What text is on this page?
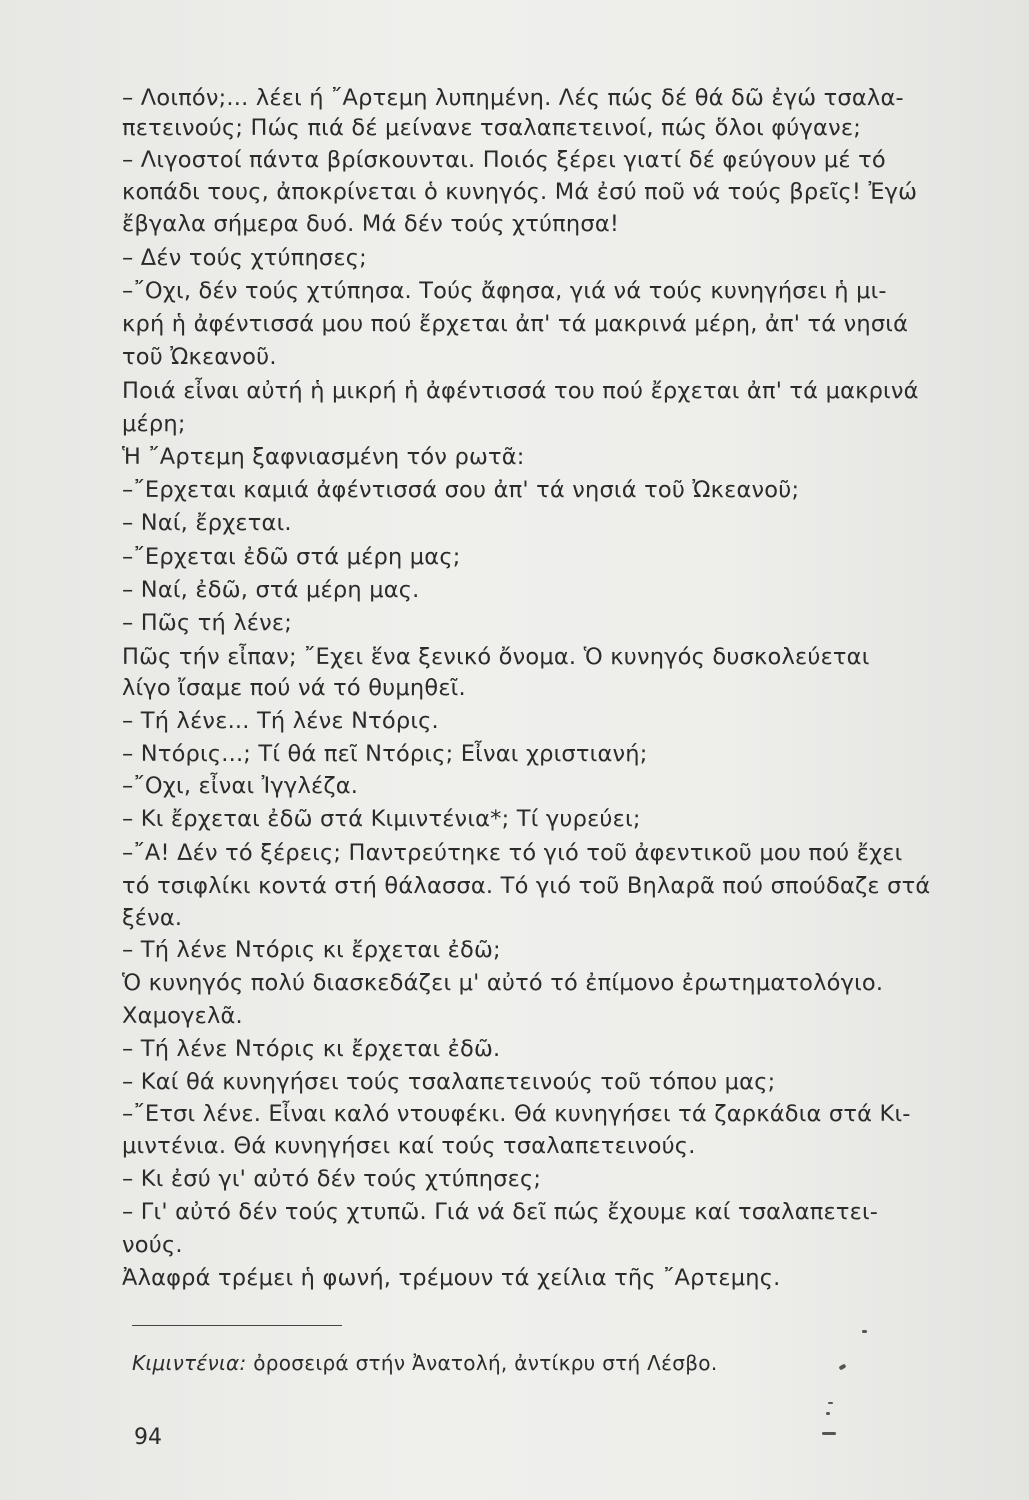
– Λοιπόν;... λέει ή ῎Αρτεμη λυπημένη. Λές πώς δέ θά δῶ ἐγώ τσαλα-
πετεινούς; Πώς πιά δέ μείνανε τσαλαπετεινοί, πώς ὅλοι φύγανε;
– Λιγοστοί πάντα βρίσκουνται. Ποιός ξέρει γιατί δέ φεύγουν μέ τό
κοπάδι τους, ἀποκρίνεται ὁ κυνηγός. Μά ἐσύ ποῦ νά τούς βρεῖς! Ἐγώ
ἔβγαλα σήμερα δυό. Μά δέν τούς χτύπησα!
– Δέν τούς χτύπησες;
–῎Οχι, δέν τούς χτύπησα. Τούς ἄφησα, γιά νά τούς κυνηγήσει ἡ μι-
κρή ἡ ἀφέντισσά μου πού ἔρχεται ἀπ' τά μακρινά μέρη, ἀπ' τά νησιά
τοῦ Ὠκεανοῦ.
Ποιά εἶναι αὐτή ἡ μικρή ἡ ἀφέντισσά του πού ἔρχεται ἀπ' τά μακρινά
μέρη;
Ἡ ῎Αρτεμη ξαφνιασμένη τόν ρωτᾶ:
–῎Ερχεται καμιά ἀφέντισσά σου ἀπ' τά νησιά τοῦ Ὠκεανοῦ;
– Ναί, ἔρχεται.
–῎Ερχεται ἐδῶ στά μέρη μας;
– Ναί, ἐδῶ, στά μέρη μας.
– Πῶς τή λένε;
Πῶς τήν εἶπαν; ῎Εχει ἕνα ξενικό ὄνομα. Ὁ κυνηγός δυσκολεύεται
λίγο ἴσαμε πού νά τό θυμηθεῖ.
– Τή λένε... Τή λένε Ντόρις.
– Ντόρις...; Τί θά πεῖ Ντόρις; Εἶναι χριστιανή;
–῎Οχι, εἶναι Ἰγγλέζα.
– Κι ἔρχεται ἐδῶ στά Κιμιντένια*; Τί γυρεύει;
–῎Α! Δέν τό ξέρεις; Παντρεύτηκε τό γιό τοῦ ἀφεντικοῦ μου πού ἔχει
τό τσιφλίκι κοντά στή θάλασσα. Τό γιό τοῦ Βηλαρᾶ πού σπούδαζε στά
ξένα.
– Τή λένε Ντόρις κι ἔρχεται ἐδῶ;
Ὁ κυνηγός πολύ διασκεδάζει μ' αὐτό τό ἐπίμονο ἐρωτηματολόγιο.
Χαμογελᾶ.
– Τή λένε Ντόρις κι ἔρχεται ἐδῶ.
– Καί θά κυνηγήσει τούς τσαλαπετεινούς τοῦ τόπου μας;
–῎Ετσι λένε. Εἶναι καλό ντουφέκι. Θά κυνηγήσει τά ζαρκάδια στά Κι-
μιντένια. Θά κυνηγήσει καί τούς τσαλαπετεινούς.
– Κι ἐσύ γι' αὐτό δέν τούς χτύπησες;
– Γι' αὐτό δέν τούς χτυπῶ. Γιά νά δεῖ πώς ἔχουμε καί τσαλαπετει-
νούς.
Ἀλαφρά τρέμει ἡ φωνή, τρέμουν τά χείλια τῆς ῎Αρτεμης.
Κιμιντένια: ὀροσειρά στήν Ἀνατολή, ἀντίκρυ στή Λέσβο.
94
